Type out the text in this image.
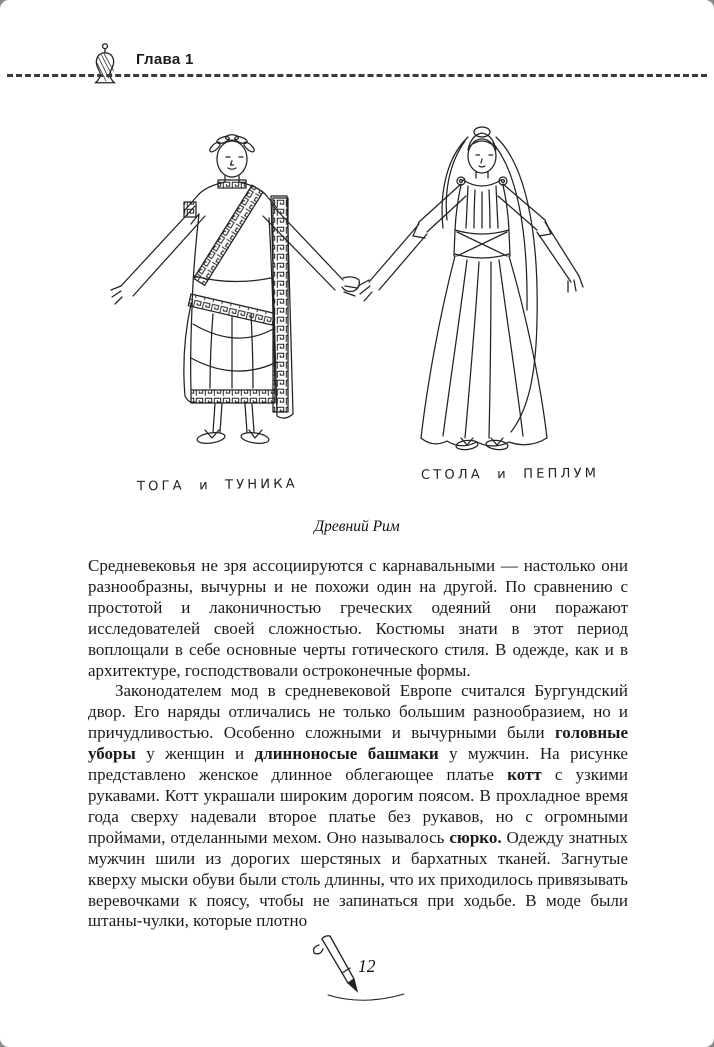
Глава 1
ТОГА и ТУНИКА
СТОЛА и ПЕПЛУМ
Древний Рим

Средневековья не зря ассоциируются с карнавальными — настолько они разнообразны, вычурны и не похожи один на другой. По сравнению с простотой и лаконичностью греческих одеяний они поражают исследователей своей сложностью. Костюмы знати в этот период воплощали в себе основные черты готического стиля. В одежде, как и в архитектуре, господствовали остроконечные формы.

Законодателем мод в средневековой Европе считался Бургундский двор. Его наряды отличались не только большим разнообразием, но и причудливостью. Особенно сложными и вычурными были головные уборы у женщин и длинноносые башмаки у мужчин. На рисунке представлено женское длинное облегающее платье котт с узкими рукавами. Котт украшали широким дорогим поясом. В прохладное время года сверху надевали второе платье без рукавов, но с огромными проймами, отделанными мехом. Оно называлось сюрко. Одежду знатных мужчин шили из дорогих шерстяных и бархатных тканей. Загнутые кверху мыски обуви были столь длинны, что их приходилось привязывать веревочками к поясу, чтобы не запинаться при ходьбе. В моде были штаны-чулки, которые плотно

12
